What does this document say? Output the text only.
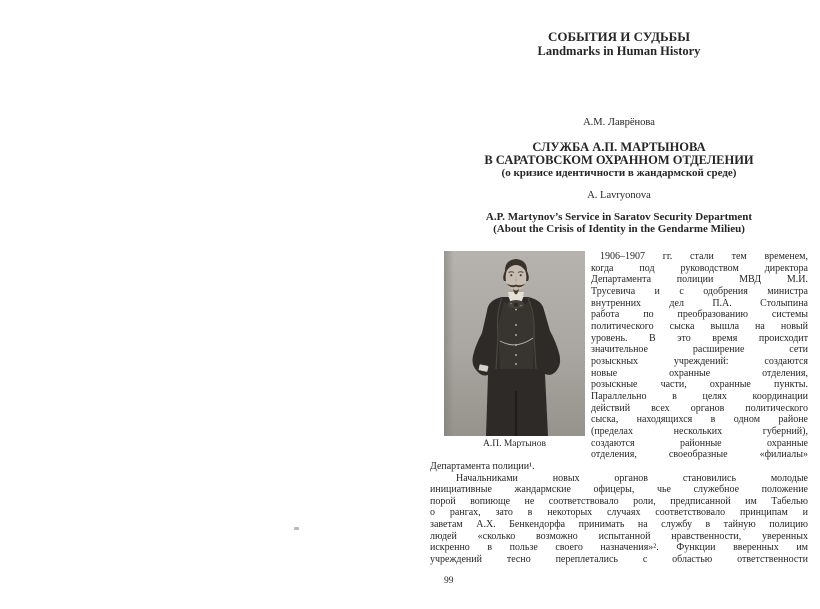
СОБЫТИЯ И СУДЬБЫ
Landmarks in Human History
А.М. Лаврёнова
СЛУЖБА А.П. МАРТЫНОВА
В САРАТОВСКОМ ОХРАННОМ ОТДЕЛЕНИИ
(о кризисе идентичности в жандармской среде)
A. Lavryonova
A.P. Martynov’s Service in Saratov Security Department
(About the Crisis of Identity in the Gendarme Milieu)
А.П. Мартынов
1906–1907 гг. стали тем временем,
когда под руководством директора
Департамента полиции МВД М.И.
Трусевича и с одобрения министра
внутренних дел П.А. Столыпина
работа по преобразованию системы
политического сыска вышла на новый
уровень. В это время происходит
значительное расширение сети
розыскных учреждений: создаются
новые охранные отделения,
розыскные части, охранные пункты.
Параллельно в целях координации
действий всех органов политического
сыска, находящихся в одном районе
(пределах нескольких губерний),
создаются районные охранные
отделения, своеобразные «филиалы»
Департамента полиции¹.
Начальниками новых органов становились молодые
инициативные жандармские офицеры, чье служебное положение
порой вопиюще не соответствовало роли, предписанной им Табелью
о рангах, зато в некоторых случаях соответствовало принципам и
заветам А.Х. Бенкендорфа принимать на службу в тайную полицию
людей «сколько возможно испытанной нравственности, уверенных
искренно в пользе своего назначения»². Функции вверенных им
учреждений тесно переплетались с областью ответственности
99
